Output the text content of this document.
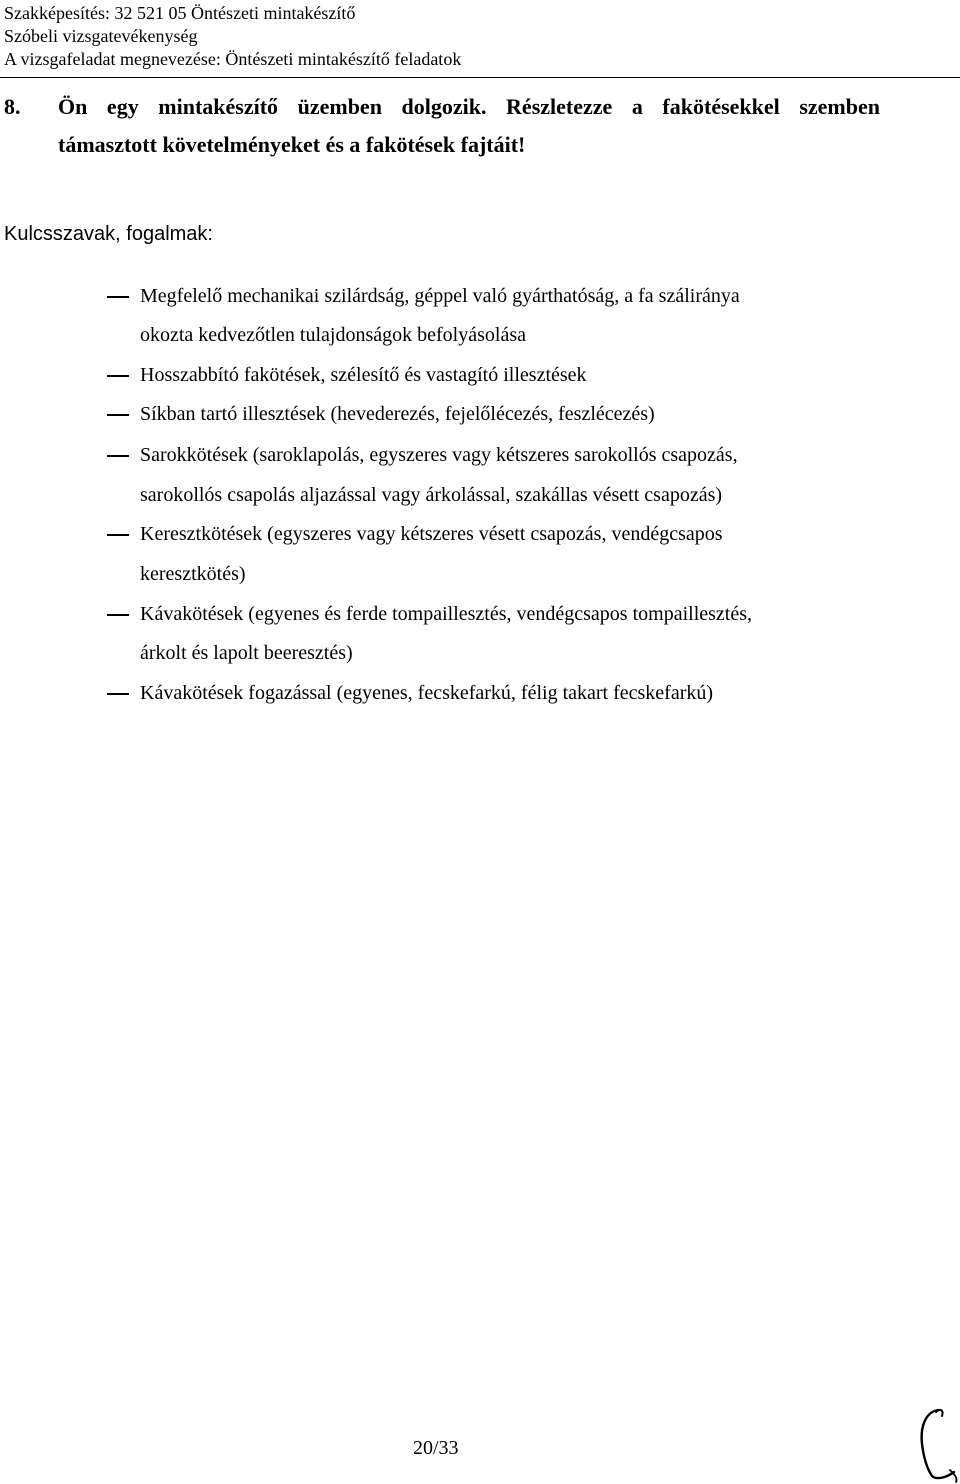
Szakképesítés: 32 521 05 Öntészeti mintakészítő
Szóbeli vizsgatevékenység
A vizsgafeladat megnevezése: Öntészeti mintakészítő feladatok
8. Ön egy mintakészítő üzemben dolgozik. Részletezze a fakötésekkel szemben
támasztott követelményeket és a fakötések fajtáit!
Kulcsszavak, fogalmak:
Megfelelő mechanikai szilárdság, géppel való gyárthatóság, a fa szálirányа
okozta kedvezőtlen tulajdonságok befolyásolása
Hosszabbító fakötések, szélesítő és vastagító illesztések
Síkban tartó illesztések (hevederezés, fejelőlécezés, feszlécezés)
Sarokkötések (saroklapolás, egyszeres vagy kétszeres sarokollós csapozás,
sarokollós csapolás aljazással vagy árkolással, szakállas vésett csapozás)
Keresztkötések (egyszeres vagy kétszeres vésett csapozás, vendégcsapos
keresztkötés)
Kávakötések (egyenes és ferde tompaillesztés, vendégcsapos tompaillesztés,
árkolt és lapolt beeresztés)
Kávakötések fogazással (egyenes, fecskefarkú, félig takart fecskefarkú)
20/33
